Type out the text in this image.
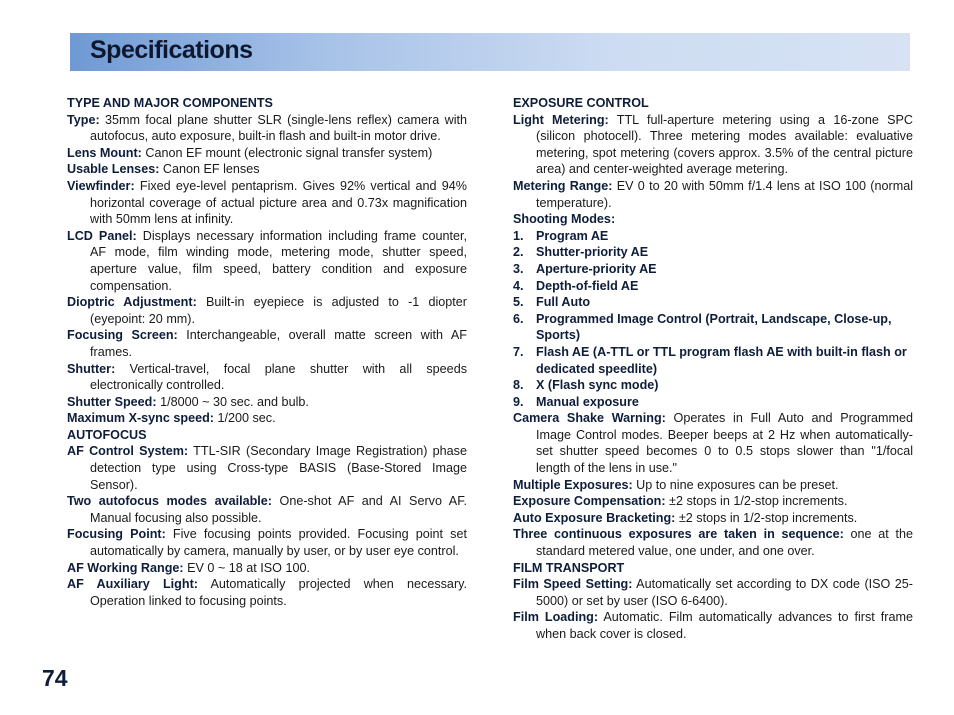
Specifications
TYPE AND MAJOR COMPONENTS
Type: 35mm focal plane shutter SLR (single-lens reflex) camera with autofocus, auto exposure, built-in flash and built-in motor drive.
Lens Mount: Canon EF mount (electronic signal transfer system)
Usable Lenses: Canon EF lenses
Viewfinder: Fixed eye-level pentaprism. Gives 92% vertical and 94% horizontal coverage of actual picture area and 0.73x magnification with 50mm lens at infinity.
LCD Panel: Displays necessary information including frame counter, AF mode, film winding mode, metering mode, shutter speed, aperture value, film speed, battery condition and exposure compensation.
Dioptric Adjustment: Built-in eyepiece is adjusted to -1 diopter (eyepoint: 20 mm).
Focusing Screen: Interchangeable, overall matte screen with AF frames.
Shutter: Vertical-travel, focal plane shutter with all speeds electronically controlled.
Shutter Speed: 1/8000 ~ 30 sec. and bulb.
Maximum X-sync speed: 1/200 sec.
AUTOFOCUS
AF Control System: TTL-SIR (Secondary Image Registration) phase detection type using Cross-type BASIS (Base-Stored Image Sensor).
Two autofocus modes available: One-shot AF and AI Servo AF. Manual focusing also possible.
Focusing Point: Five focusing points provided. Focusing point set automatically by camera, manually by user, or by user eye control.
AF Working Range: EV 0 ~ 18 at ISO 100.
AF Auxiliary Light: Automatically projected when necessary. Operation linked to focusing points.
EXPOSURE CONTROL
Light Metering: TTL full-aperture metering using a 16-zone SPC (silicon photocell). Three metering modes available: evaluative metering, spot metering (covers approx. 3.5% of the central picture area) and center-weighted average metering.
Metering Range: EV 0 to 20 with 50mm f/1.4 lens at ISO 100 (normal temperature).
Shooting Modes:
1. Program AE
2. Shutter-priority AE
3. Aperture-priority AE
4. Depth-of-field AE
5. Full Auto
6. Programmed Image Control (Portrait, Landscape, Close-up, Sports)
7. Flash AE (A-TTL or TTL program flash AE with built-in flash or dedicated speedlite)
8. X (Flash sync mode)
9. Manual exposure
Camera Shake Warning: Operates in Full Auto and Programmed Image Control modes. Beeper beeps at 2 Hz when automatically-set shutter speed becomes 0 to 0.5 stops slower than "1/focal length of the lens in use."
Multiple Exposures: Up to nine exposures can be preset.
Exposure Compensation: ±2 stops in 1/2-stop increments.
Auto Exposure Bracketing: ±2 stops in 1/2-stop increments.
Three continuous exposures are taken in sequence: one at the standard metered value, one under, and one over.
FILM TRANSPORT
Film Speed Setting: Automatically set according to DX code (ISO 25-5000) or set by user (ISO 6-6400).
Film Loading: Automatic. Film automatically advances to first frame when back cover is closed.
74
